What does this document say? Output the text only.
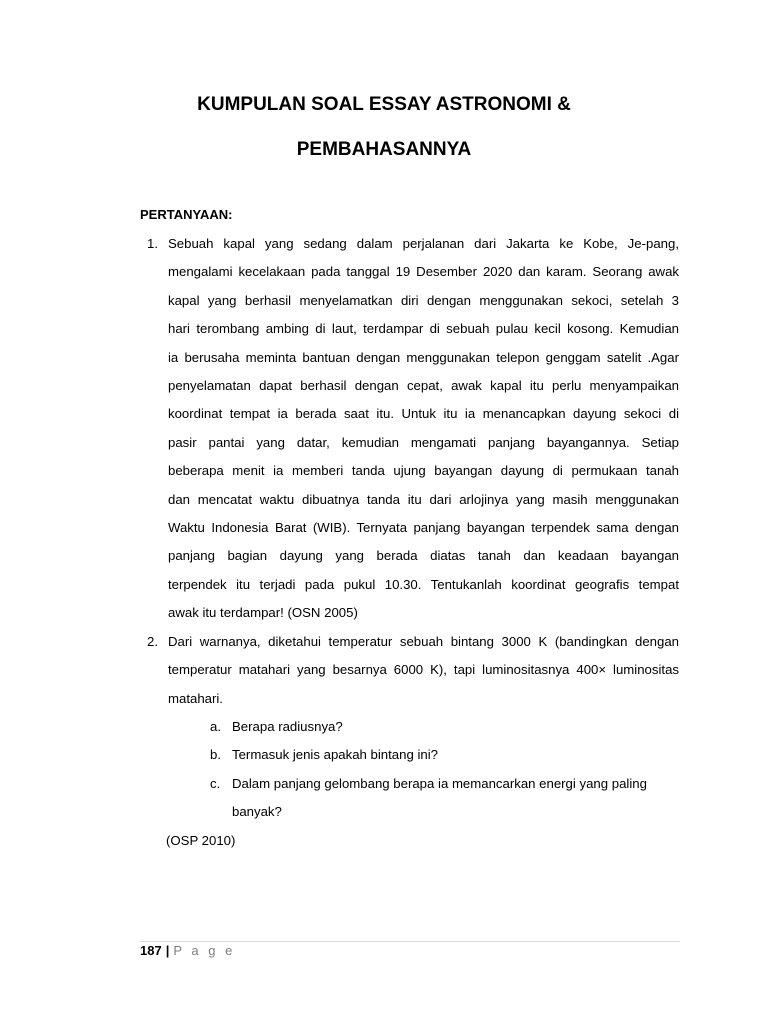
KUMPULAN SOAL ESSAY ASTRONOMI &
PEMBAHASANNYA
PERTANYAAN:
1. Sebuah kapal yang sedang dalam perjalanan dari Jakarta ke Kobe, Je-pang,
mengalami kecelakaan pada tanggal 19 Desember 2020 dan karam. Seorang awak
kapal yang berhasil menyelamatkan diri dengan menggunakan sekoci, setelah 3
hari terombang ambing di laut, terdampar di sebuah pulau kecil kosong. Kemudian
ia berusaha meminta bantuan dengan menggunakan telepon genggam satelit .Agar
penyelamatan dapat berhasil dengan cepat, awak kapal itu perlu menyampaikan
koordinat tempat ia berada saat itu. Untuk itu ia menancapkan dayung sekoci di
pasir pantai yang datar, kemudian mengamati panjang bayangannya. Setiap
beberapa menit ia memberi tanda ujung bayangan dayung di permukaan tanah
dan mencatat waktu dibuatnya tanda itu dari arlojinya yang masih menggunakan
Waktu Indonesia Barat (WIB). Ternyata panjang bayangan terpendek sama dengan
panjang bagian dayung yang berada diatas tanah dan keadaan bayangan
terpendek itu terjadi pada pukul 10.30. Tentukanlah koordinat geografis tempat
awak itu terdampar! (OSN 2005)
2. Dari warnanya, diketahui temperatur sebuah bintang 3000 K (bandingkan dengan
temperatur matahari yang besarnya 6000 K), tapi luminositasnya 400× luminositas
matahari.
a. Berapa radiusnya?
b. Termasuk jenis apakah bintang ini?
c. Dalam panjang gelombang berapa ia memancarkan energi yang paling
banyak?
(OSP 2010)
187 | P a g e
